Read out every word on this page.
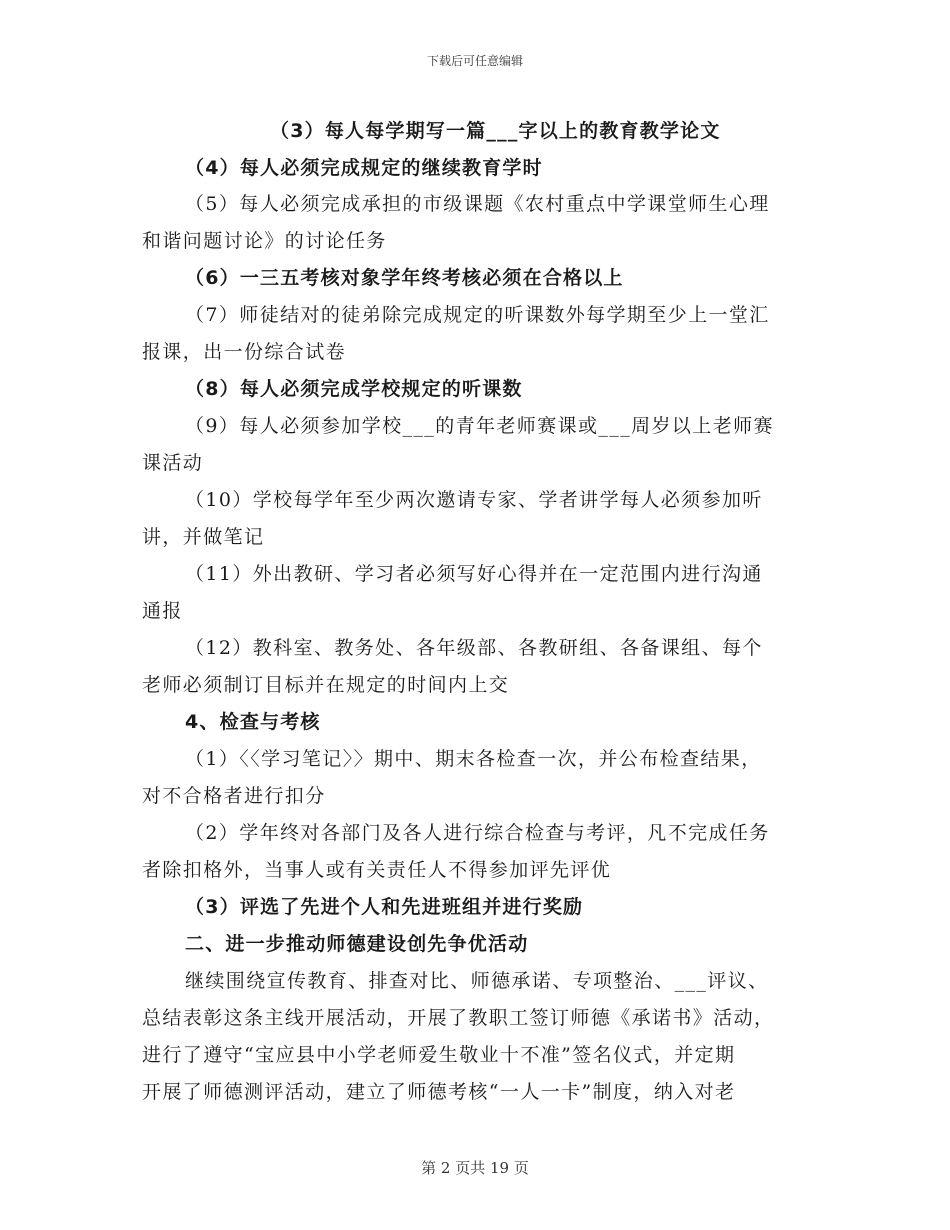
下载后可任意编辑
（3）每人每学期写一篇___字以上的教育教学论文
（4）每人必须完成规定的继续教育学时
（5）每人必须完成承担的市级课题《农村重点中学课堂师生心理
和谐问题讨论》的讨论任务
（6）一三五考核对象学年终考核必须在合格以上
（7）师徒结对的徒弟除完成规定的听课数外每学期至少上一堂汇
报课，出一份综合试卷
（8）每人必须完成学校规定的听课数
（9）每人必须参加学校___的青年老师赛课或___周岁以上老师赛
课活动
（10）学校每学年至少两次邀请专家、学者讲学每人必须参加听
讲，并做笔记
（11）外出教研、学习者必须写好心得并在一定范围内进行沟通
通报
（12）教科室、教务处、各年级部、各教研组、各备课组、每个
老师必须制订目标并在规定的时间内上交
4、检查与考核
（1）〈〈学习笔记〉〉期中、期末各检查一次，并公布检查结果，
对不合格者进行扣分
（2）学年终对各部门及各人进行综合检查与考评，凡不完成任务
者除扣格外，当事人或有关责任人不得参加评先评优
（3）评选了先进个人和先进班组并进行奖励
二、进一步推动师德建设创先争优活动
继续围绕宣传教育、排查对比、师德承诺、专项整治、___评议、
总结表彰这条主线开展活动，开展了教职工签订师德《承诺书》活动，
进行了遵守“宝应县中小学老师爱生敬业十不准”签名仪式，并定期
开展了师德测评活动，建立了师德考核“一人一卡”制度，纳入对老
第 2 页共 19 页
